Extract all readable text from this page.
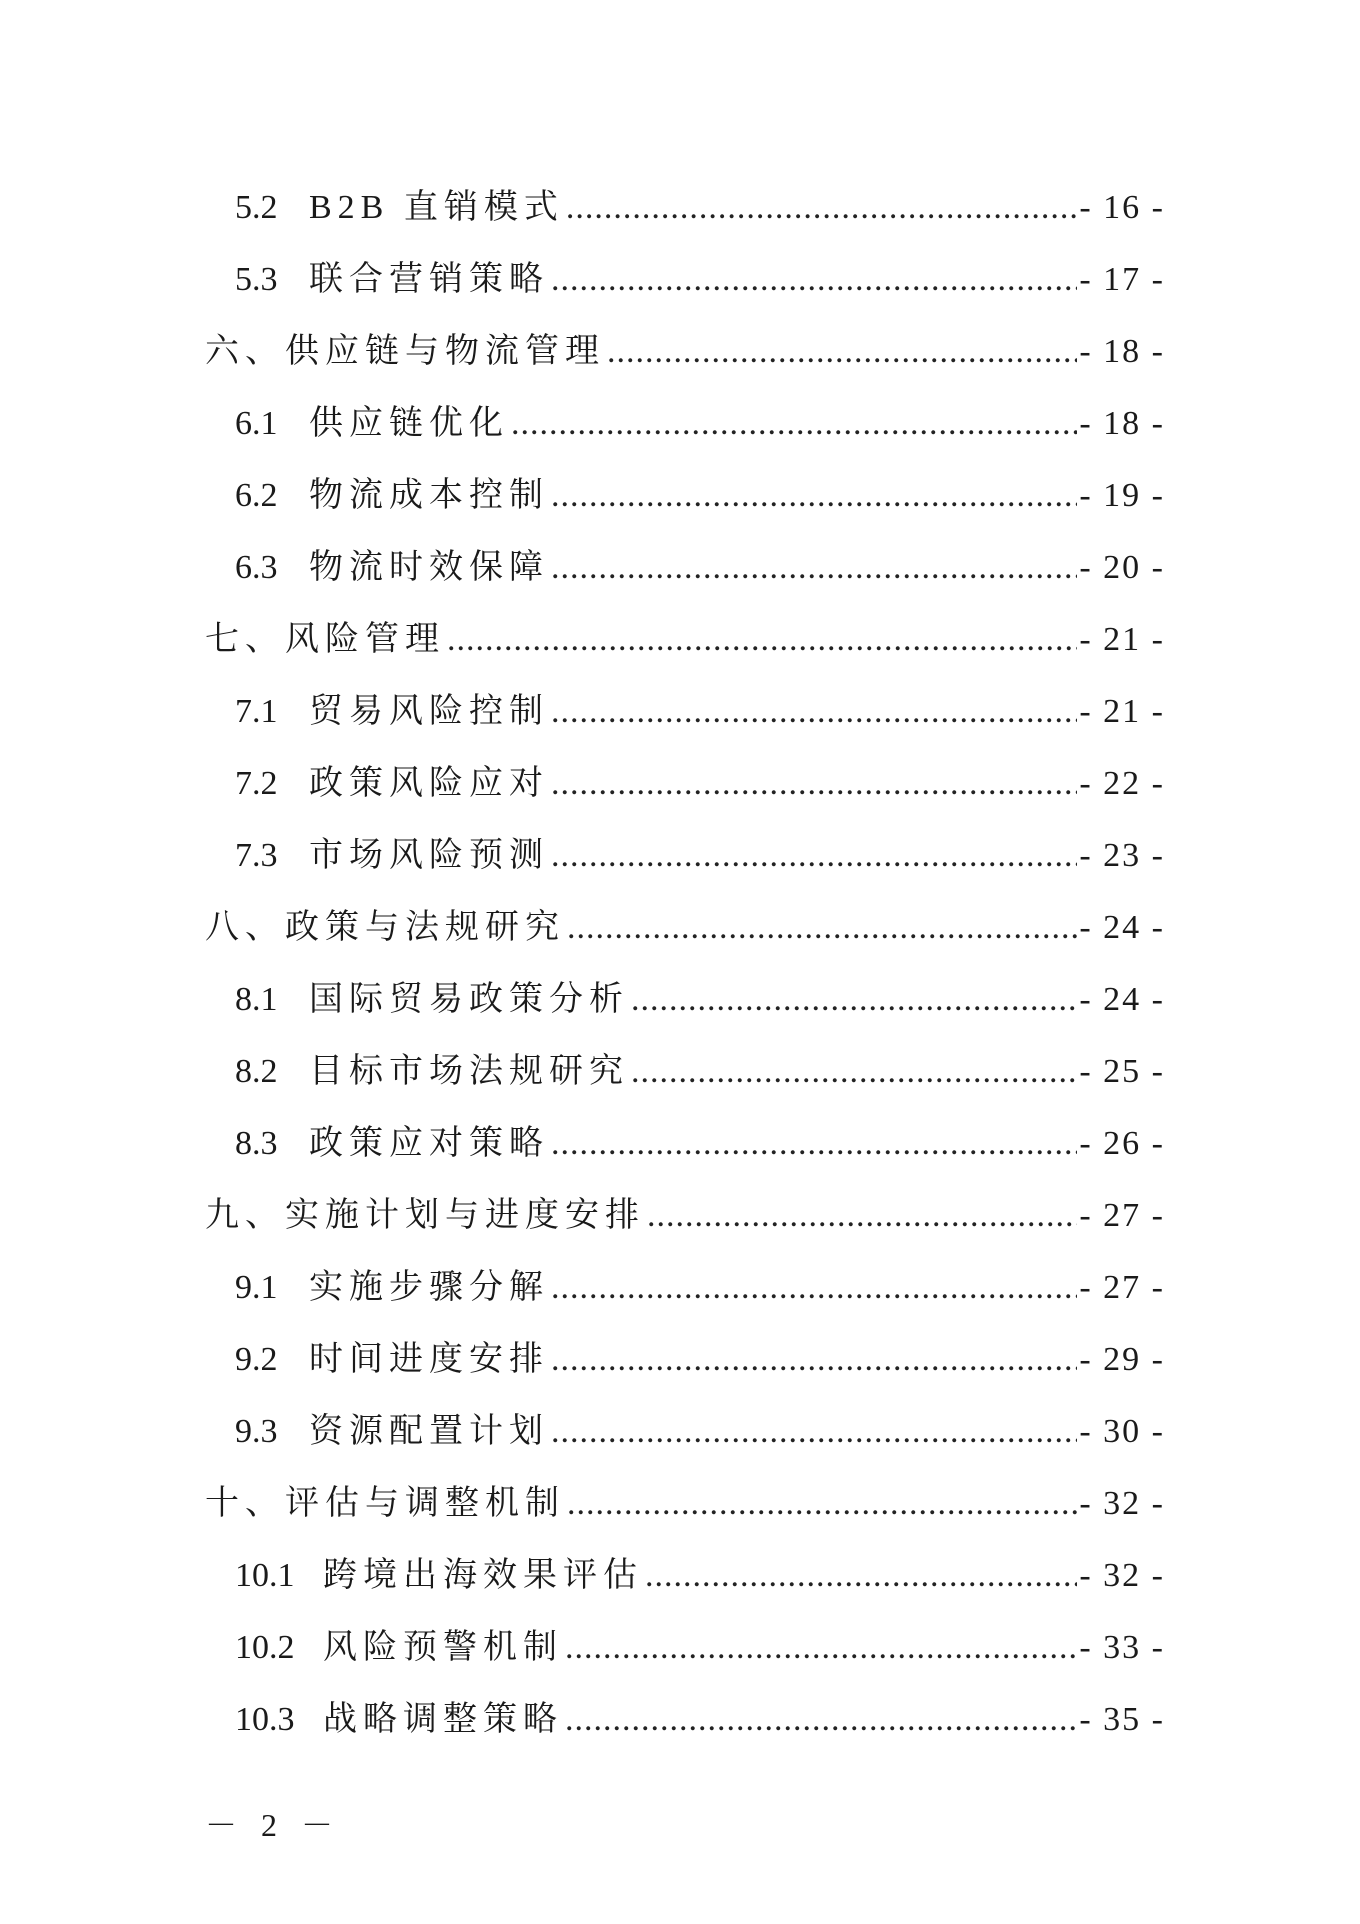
5.2 B2B 直销模式 .....	- 16 -
5.3 联合营销策略 .....	- 17 -
六、供应链与物流管理 .....	- 18 -
6.1 供应链优化 .....	- 18 -
6.2 物流成本控制 .....	- 19 -
6.3 物流时效保障 .....	- 20 -
七、风险管理 .....	- 21 -
7.1 贸易风险控制 .....	- 21 -
7.2 政策风险应对 .....	- 22 -
7.3 市场风险预测 .....	- 23 -
八、政策与法规研究 .....	- 24 -
8.1 国际贸易政策分析 .....	- 24 -
8.2 目标市场法规研究 .....	- 25 -
8.3 政策应对策略 .....	- 26 -
九、实施计划与进度安排 .....	- 27 -
9.1 实施步骤分解 .....	- 27 -
9.2 时间进度安排 .....	- 29 -
9.3 资源配置计划 .....	- 30 -
十、评估与调整机制 .....	- 32 -
10.1 跨境出海效果评估 .....	- 32 -
10.2 风险预警机制 .....	- 33 -
10.3 战略调整策略 .....	- 35 -
－ 2 －
